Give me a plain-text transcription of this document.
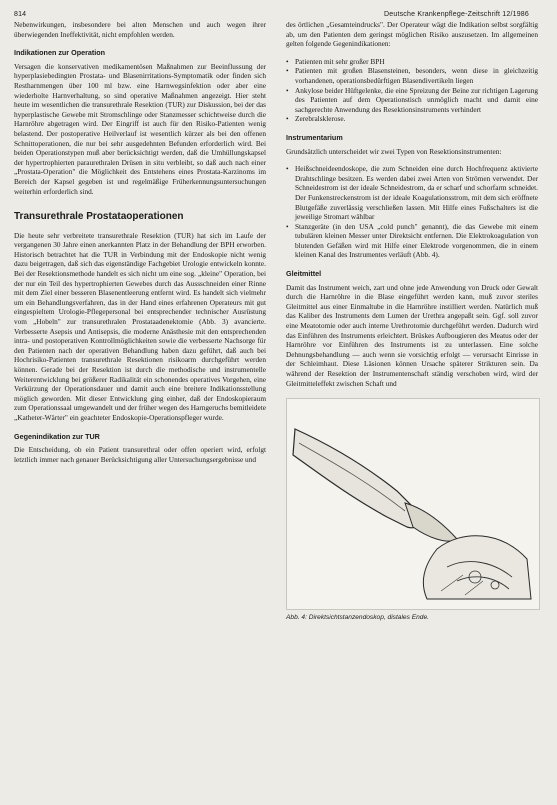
814	Deutsche Krankenpflege-Zeitschrift 12/1986

Nebenwirkungen, insbesondere bei alten Menschen und auch wegen ihrer überwiegenden Ineffektivität, nicht empfohlen werden.

Indikationen zur Operation

Versagen die konservativen medikamentösen Maßnahmen zur Beeinflussung der hyperplasiebedingten Prostata- und Blasenirritations-Symptomatik oder finden sich Restharnmengen über 100 ml bzw. eine Harnwegsinfektion oder aber eine wiederholte Harnverhaltung, so sind operative Maßnahmen angezeigt. Hier steht heute im wesentlichen die transurethrale Resektion (TUR) zur Diskussion, bei der das hyperplastische Gewebe mit Stromschlinge oder Stanzmesser schichtweise durch die Harnröhre abgetragen wird. Der Eingriff ist auch für den Risiko-Patienten wenig belastend. Der postoperative Heilverlauf ist wesentlich kürzer als bei den offenen Schnittoperationen, die nur bei sehr ausgedehnten Befunden erforderlich wird. Bei beiden Operationstypen muß aber berücksichtigt werden, daß die Umhüllungskapsel der hypertrophierten paraurethralen Drüsen in situ verbleibt, so daß auch nach einer „Prostata-Operation" die Möglichkeit des Entstehens eines Prostata-Karzinoms im Bereich der Kapsel gegeben ist und regelmäßige Früherkennungsuntersuchungen weiterhin erforderlich sind.

Transurethrale Prostataoperationen

Die heute sehr verbreitete transurethrale Resektion (TUR) hat sich im Laufe der vergangenen 30 Jahre einen anerkannten Platz in der Behandlung der BPH erworben. Historisch betrachtet hat die TUR in Verbindung mit der Endoskopie nicht wenig dazu beigetragen, daß sich das eigenständige Fachgebiet Urologie entwickeln konnte. Bei der Resektionsmethode handelt es sich nicht um eine sog. „kleine" Operation, bei der nur ein Teil des hypertrophierten Gewebes durch das Aussschneiden einer Rinne mit dem Ziel einer besseren Blasenentleerung entfernt wird. Es handelt sich vielmehr um ein Behandlungsverfahren, das in der Hand eines erfahrenen Operateurs mit gut eingespieltem Urologie-Pflegepersonal bei entsprechender technischer Ausrüstung vom „Hobeln" zur transurethralen Prostataadenektomie (Abb. 3) avancierte. Verbesserte Asepsis und Antisepsis, die moderne Anästhesie mit den entsprechenden intra- und postoperativen Kontrollmöglichkeiten sowie die verbesserte Nachsorge für den Patienten nach der operativen Behandlung haben dazu geführt, daß auch bei Hochrisiko-Patienten transurethrale Resektionen risikoarm durchgeführt werden können. Gerade bei der Resektion ist durch die methodische und instrumentelle Weiterentwicklung bei größerer Radikalität ein schonendes operatives Vorgehen, eine Verkürzung der Operationsdauer und damit auch eine breitere Indikationsstellung möglich geworden. Mit dieser Entwicklung ging einher, daß der Endoskopieraum zum Operationssaal umgewandelt und der früher wegen des Harngeruchs bemitleidete „Katheter-Wärter" ein geachteter Endoskopie-Operationspfleger wurde.

Gegenindikation zur TUR

Die Entscheidung, ob ein Patient transurethral oder offen operiert wird, erfolgt letztlich immer nach genauer Berücksichtigung aller Untersuchungsergebnisse und

des örtlichen „Gesamteindrucks". Der Operateur wägt die Indikation selbst sorgfältig ab, um den Patienten dem geringst möglichen Risiko auszusetzen. Im allgemeinen gelten folgende Gegenindikationen:

• Patienten mit sehr großer BPH
• Patienten mit großen Blasensteinen, besonders, wenn diese in gleichzeitig vorhandenen, operationsbedürftigen Blasendivertikeln liegen
• Ankylose beider Hüftgelenke, die eine Spreizung der Beine zur richtigen Lagerung des Patienten auf dem Operationstisch unmöglich macht und damit eine sachgerechte Anwendung des Resektionsinstruments verhindert
• Zerebralsklerose.
Instrumentarium

Grundsätzlich unterscheidet wir zwei Typen von Resektionsinstrumenten:

• Heißschneideendoskope, die zum Schneiden eine durch Hochfrequenz aktivierte Drahtschlinge besitzen. Es werden dabei zwei Arten von Strömen verwendet. Der Schneidestrom ist der ideale Schneidestrom, da er scharf und schorfarm schneidet. Der Funkenstreckenstrom ist der ideale Koagulationsstrom, mit dem sich eröffnete Blutgefäße zuverlässig verschließen lassen. Mit Hilfe eines Fußschalters ist die jeweilige Stromart wählbar
• Stanzgeräte (in den USA „cold punch" genannt), die das Gewebe mit einem tubulären kleinen Messer unter Direktsicht entfernen. Die Elektrokoagulation von blutenden Gefäßen wird mit Hilfe einer Elektrode vorgenommen, die in einem kleinen Kanal des Instrumentes verläuft (Abb. 4).
Gleitmittel

Damit das Instrument weich, zart und ohne jede Anwendung von Druck oder Gewalt durch die Harnröhre in die Blase eingeführt werden kann, muß zuvor steriles Gleitmittel aus einer Einmaltube in die Harnröhre instilliert werden. Natürlich muß das Kaliber des Instruments dem Lumen der Urethra angepaßt sein. Ggf. soll zuvor eine Meatotomie oder auch interne Urethrotomie durchgeführt werden. Dadurch wird das Einführen des Instruments erleichtert. Brüskes Aufbougieren des Meatus oder der Harnröhre vor Einführen des Instruments ist zu unterlassen. Eine solche Dehnungsbehandlung — auch wenn sie vorsichtig erfolgt — verursacht Einrisse in der Schleimhaut. Diese Läsionen können Ursache späterer Strikturen sein. Da während der Resektion der Instrumentenschaft ständig verschoben wird, wird der Gleitmitteleffekt zwischen Schaft und

Abb. 4: Direktsichtstanzendoskop, distales Ende.
